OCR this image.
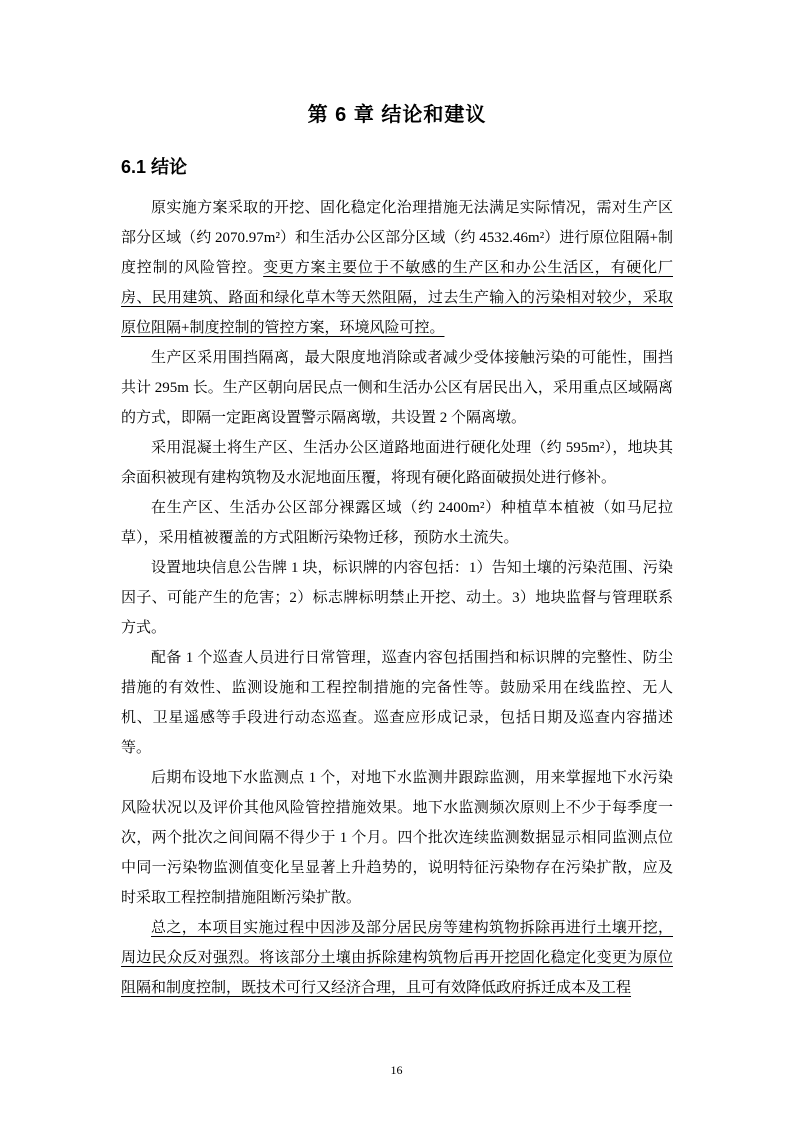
第 6 章 结论和建议
6.1 结论

原实施方案采取的开挖、固化稳定化治理措施无法满足实际情况，需对生产区部分区域（约 2070.97m²）和生活办公区部分区域（约 4532.46m²）进行原位阻隔+制度控制的风险管控。变更方案主要位于不敏感的生产区和办公生活区，有硬化厂房、民用建筑、路面和绿化草木等天然阻隔，过去生产输入的污染相对较少，采取原位阻隔+制度控制的管控方案，环境风险可控。

生产区采用围挡隔离，最大限度地消除或者减少受体接触污染的可能性，围挡共计 295m 长。生产区朝向居民点一侧和生活办公区有居民出入，采用重点区域隔离的方式，即隔一定距离设置警示隔离墩，共设置 2 个隔离墩。

采用混凝土将生产区、生活办公区道路地面进行硬化处理（约 595m²），地块其余面积被现有建构筑物及水泥地面压覆，将现有硬化路面破损处进行修补。

在生产区、生活办公区部分裸露区域（约 2400m²）种植草本植被（如马尼拉草），采用植被覆盖的方式阻断污染物迁移，预防水土流失。

设置地块信息公告牌 1 块，标识牌的内容包括：1）告知土壤的污染范围、污染因子、可能产生的危害；2）标志牌标明禁止开挖、动土。3）地块监督与管理联系方式。

配备 1 个巡查人员进行日常管理，巡查内容包括围挡和标识牌的完整性、防尘措施的有效性、监测设施和工程控制措施的完备性等。鼓励采用在线监控、无人机、卫星遥感等手段进行动态巡查。巡查应形成记录，包括日期及巡查内容描述等。

后期布设地下水监测点 1 个，对地下水监测井跟踪监测，用来掌握地下水污染风险状况以及评价其他风险管控措施效果。地下水监测频次原则上不少于每季度一次，两个批次之间间隔不得少于 1 个月。四个批次连续监测数据显示相同监测点位中同一污染物监测值变化呈显著上升趋势的，说明特征污染物存在污染扩散，应及时采取工程控制措施阻断污染扩散。

总之，本项目实施过程中因涉及部分居民房等建构筑物拆除再进行土壤开挖，周边民众反对强烈。将该部分土壤由拆除建构筑物后再开挖固化稳定化变更为原位阻隔和制度控制，既技术可行又经济合理，且可有效降低政府拆迁成本及工程

16
